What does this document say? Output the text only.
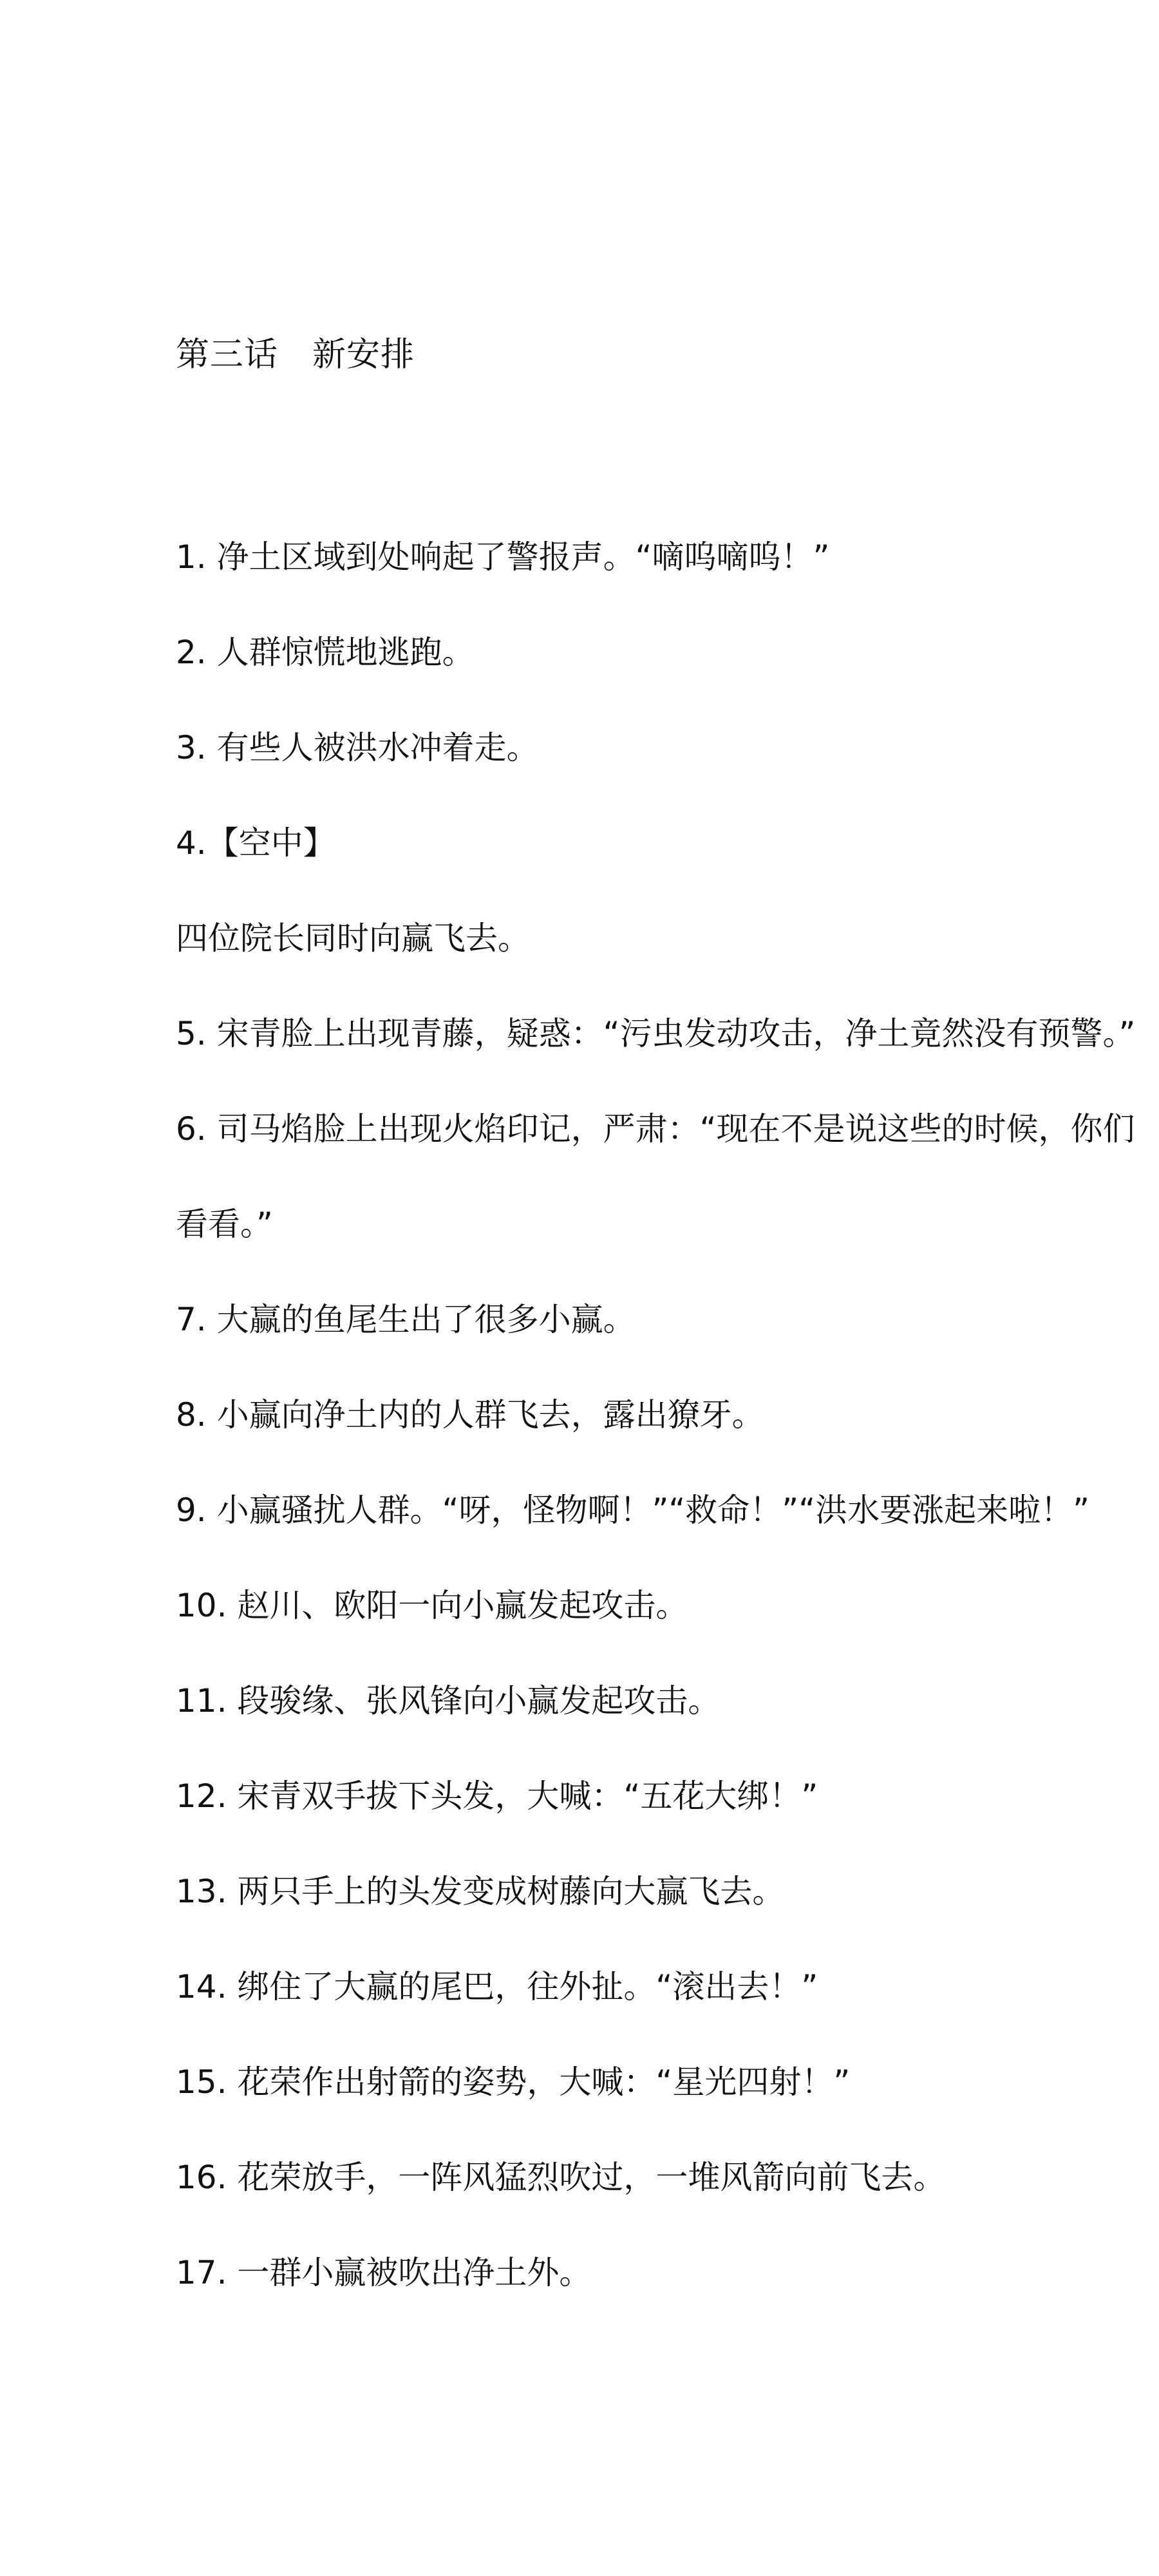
第三话　新安排
1. 净土区域到处响起了警报声。“嘀呜嘀呜！”
2. 人群惊慌地逃跑。
3. 有些人被洪水冲着走。
4.【空中】
四位院长同时向赢飞去。
5. 宋青脸上出现青藤，疑惑：“污虫发动攻击，净土竟然没有预警。”
6. 司马焰脸上出现火焰印记，严肃：“现在不是说这些的时候，你们
看看。”
7. 大赢的鱼尾生出了很多小赢。
8. 小赢向净土内的人群飞去，露出獠牙。
9. 小赢骚扰人群。“呀，怪物啊！”“救命！”“洪水要涨起来啦！”
10. 赵川、欧阳一向小赢发起攻击。
11. 段骏缘、张风锋向小赢发起攻击。
12. 宋青双手拔下头发，大喊：“五花大绑！”
13. 两只手上的头发变成树藤向大赢飞去。
14. 绑住了大赢的尾巴，往外扯。“滚出去！”
15. 花荣作出射箭的姿势，大喊：“星光四射！”
16. 花荣放手，一阵风猛烈吹过，一堆风箭向前飞去。
17. 一群小赢被吹出净土外。
